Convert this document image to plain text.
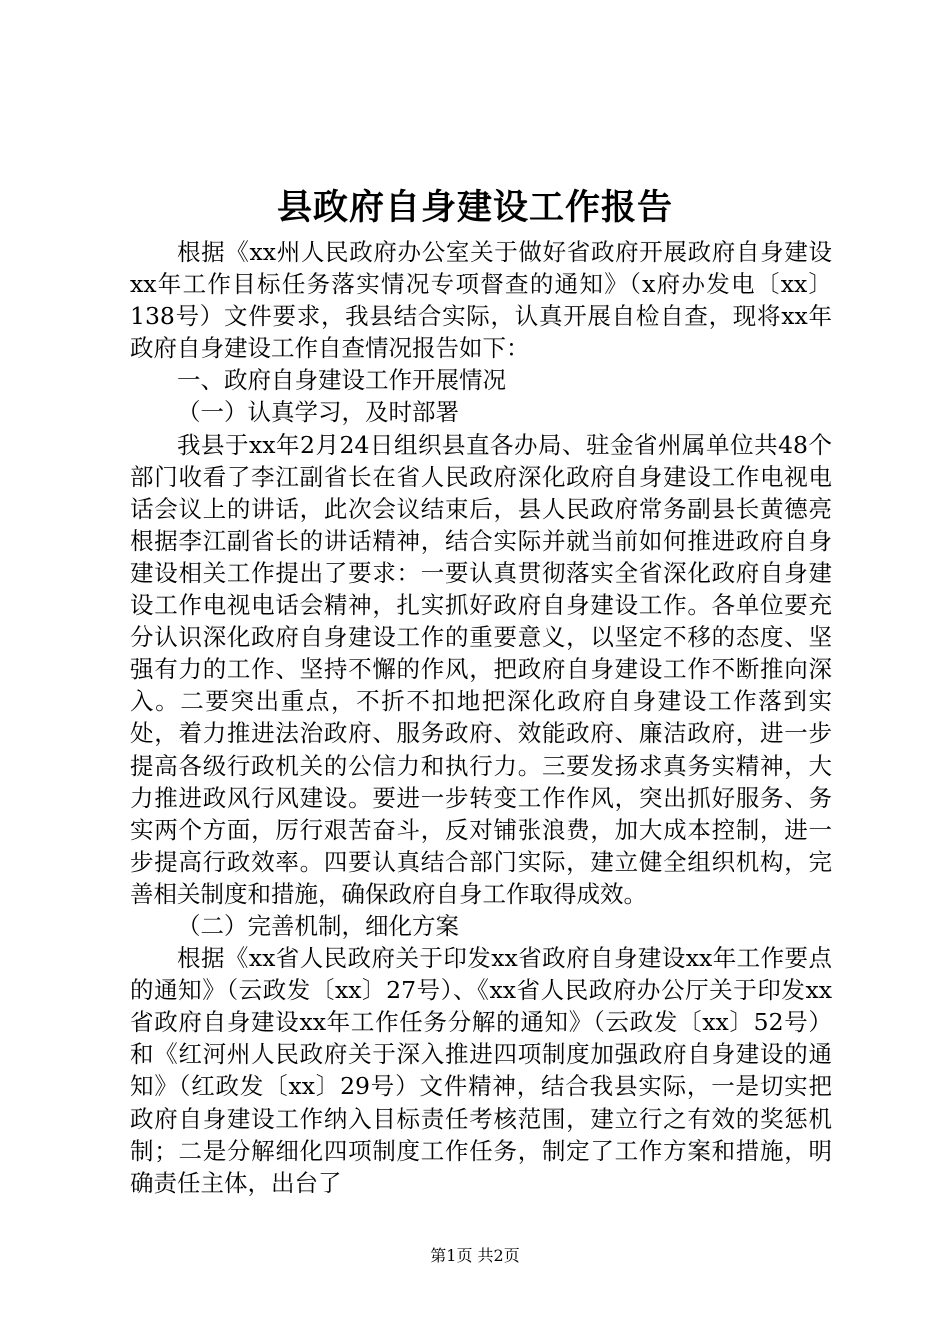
县政府自身建设工作报告

根据《xx州人民政府办公室关于做好省政府开展政府自身建设xx年工作目标任务落实情况专项督查的通知》（x府办发电〔xx〕138号）文件要求，我县结合实际，认真开展自检自查，现将xx年政府自身建设工作自查情况报告如下：

一、政府自身建设工作开展情况

（一）认真学习，及时部署

我县于xx年2月24日组织县直各办局、驻金省州属单位共48个部门收看了李江副省长在省人民政府深化政府自身建设工作电视电话会议上的讲话，此次会议结束后，县人民政府常务副县长黄德亮根据李江副省长的讲话精神，结合实际并就当前如何推进政府自身建设相关工作提出了要求：一要认真贯彻落实全省深化政府自身建设工作电视电话会精神，扎实抓好政府自身建设工作。各单位要充分认识深化政府自身建设工作的重要意义，以坚定不移的态度、坚强有力的工作、坚持不懈的作风，把政府自身建设工作不断推向深入。二要突出重点，不折不扣地把深化政府自身建设工作落到实处，着力推进法治政府、服务政府、效能政府、廉洁政府，进一步提高各级行政机关的公信力和执行力。三要发扬求真务实精神，大力推进政风行风建设。要进一步转变工作作风，突出抓好服务、务实两个方面，厉行艰苦奋斗，反对铺张浪费，加大成本控制，进一步提高行政效率。四要认真结合部门实际，建立健全组织机构，完善相关制度和措施，确保政府自身工作取得成效。

（二）完善机制，细化方案

根据《xx省人民政府关于印发xx省政府自身建设xx年工作要点的通知》（云政发〔xx〕27号）、《xx省人民政府办公厅关于印发xx省政府自身建设xx年工作任务分解的通知》（云政发〔xx〕52号）和《红河州人民政府关于深入推进四项制度加强政府自身建设的通知》（红政发〔xx〕29号）文件精神，结合我县实际，一是切实把政府自身建设工作纳入目标责任考核范围，建立行之有效的奖惩机制；二是分解细化四项制度工作任务，制定了工作方案和措施，明确责任主体，出台了

第1页 共2页
